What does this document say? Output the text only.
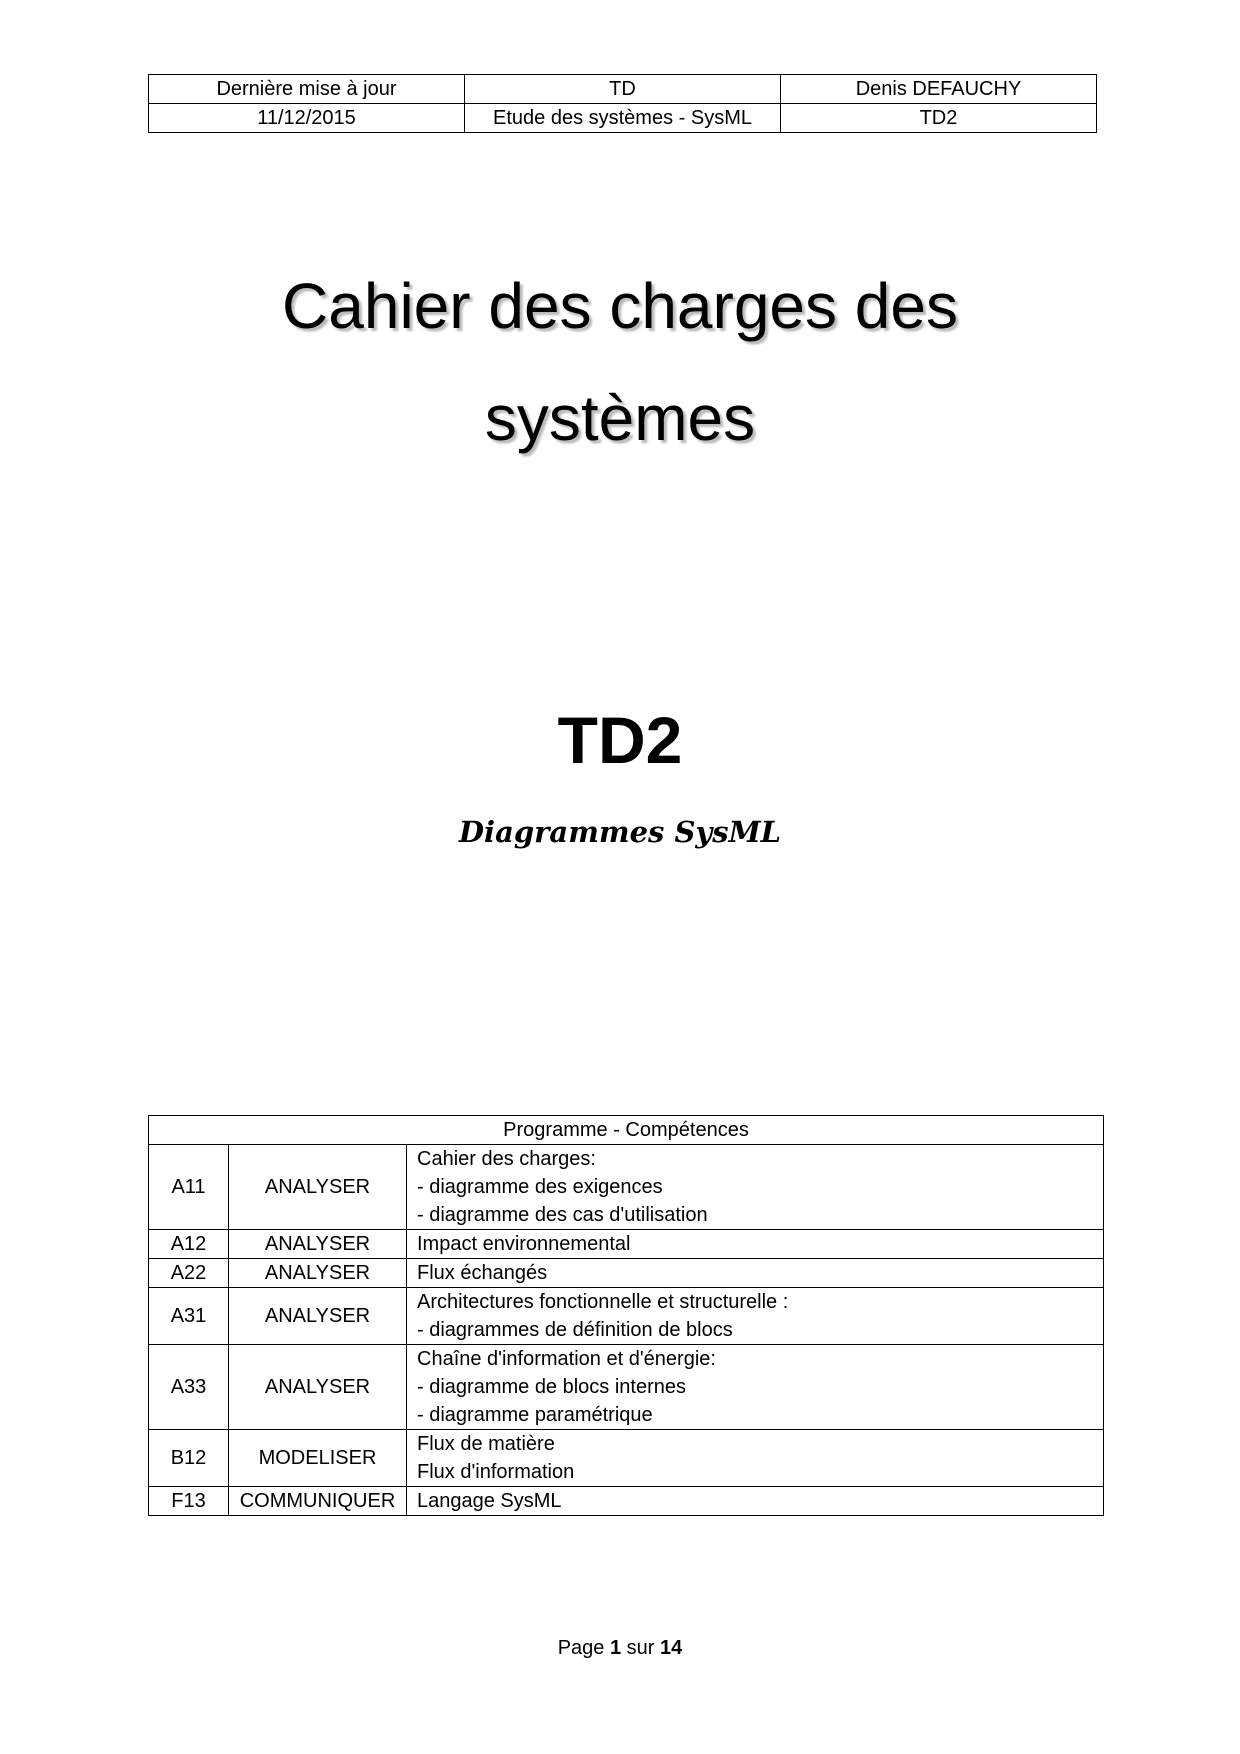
Dernière mise à jour	TD	Denis DEFAUCHY
11/12/2015	Etude des systèmes - SysML	TD2
Cahier des charges des
systèmes
TD2
Diagrammes SysML
Programme - Compétences		
A11	ANALYSER	Cahier des charges:
- diagramme des exigences
- diagramme des cas d'utilisation

A12	ANALYSER	Impact environnemental

A22	ANALYSER	Flux échangés

A31	ANALYSER	Architectures fonctionnelle et structurelle :
- diagrammes de définition de blocs

A33	ANALYSER	Chaîne d'information et d'énergie:
- diagramme de blocs internes
- diagramme paramétrique

B12	MODELISER	Flux de matière
Flux d'information

F13	COMMUNIQUER	Langage SysML
Page 1 sur 14
